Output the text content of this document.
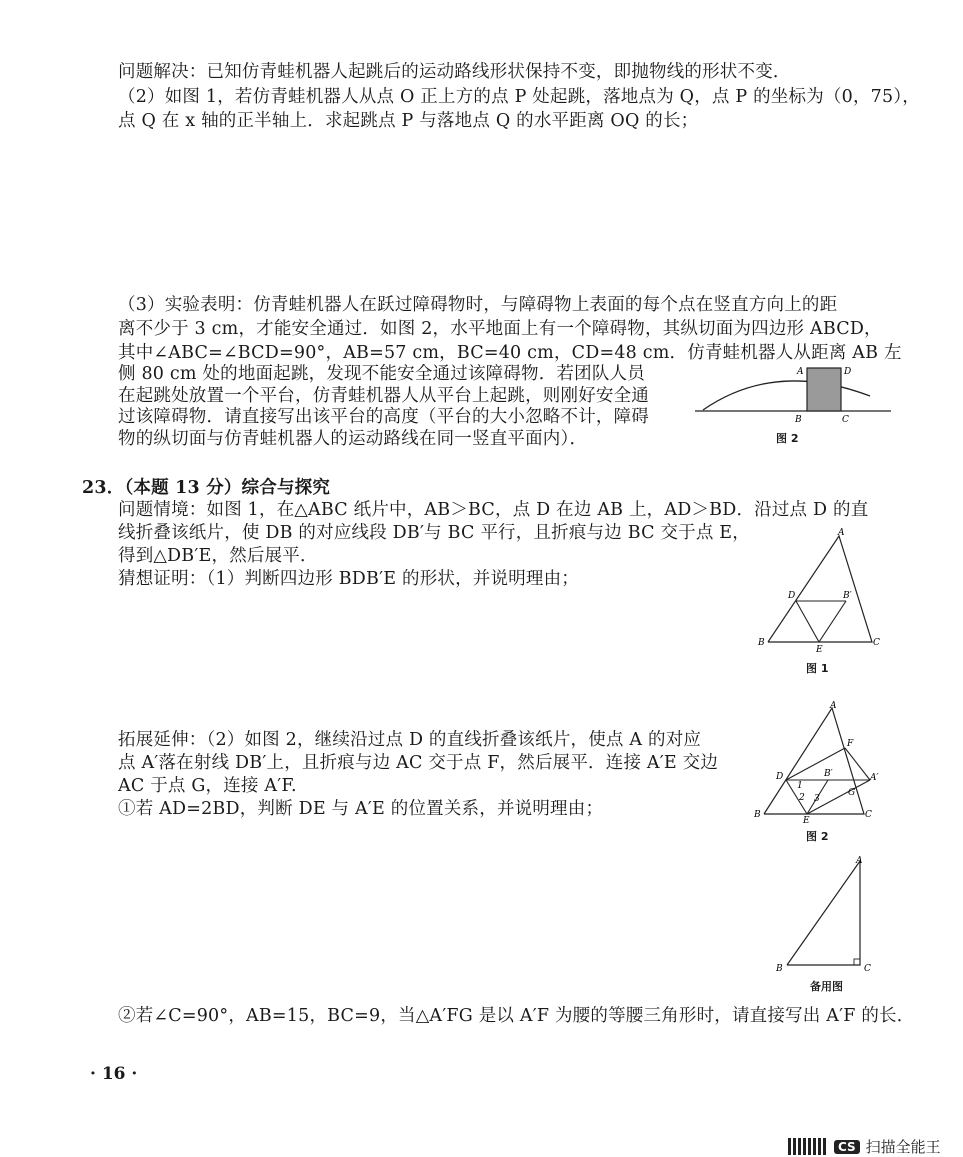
问题解决：已知仿青蛙机器人起跳后的运动路线形状保持不变，即抛物线的形状不变．
（2）如图 1，若仿青蛙机器人从点 O 正上方的点 P 处起跳，落地点为 Q，点 P 的坐标为（0，75），
点 Q 在 x 轴的正半轴上．求起跳点 P 与落地点 Q 的水平距离 OQ 的长；
（3）实验表明：仿青蛙机器人在跃过障碍物时，与障碍物上表面的每个点在竖直方向上的距
离不少于 3 cm，才能安全通过．如图 2，水平地面上有一个障碍物，其纵切面为四边形 ABCD，
其中∠ABC=∠BCD=90°，AB=57 cm，BC=40 cm，CD=48 cm．仿青蛙机器人从距离 AB 左
侧 80 cm 处的地面起跳，发现不能安全通过该障碍物．若团队人员
在起跳处放置一个平台，仿青蛙机器人从平台上起跳，则刚好安全通
过该障碍物．请直接写出该平台的高度（平台的大小忽略不计，障碍
物的纵切面与仿青蛙机器人的运动路线在同一竖直平面内）．
A	D
B	C
图 2
23．（本题 13 分）综合与探究
问题情境：如图 1，在△ABC 纸片中，AB＞BC，点 D 在边 AB 上，AD＞BD．沿过点 D 的直
线折叠该纸片，使 DB 的对应线段 DB′与 BC 平行，且折痕与边 BC 交于点 E，
得到△DB′E，然后展平．
猜想证明：（1）判断四边形 BDB′E 的形状，并说明理由；
A
D	B′
B
E
C
图 1
拓展延伸：（2）如图 2，继续沿过点 D 的直线折叠该纸片，使点 A 的对应
点 A′落在射线 DB′上，且折痕与边 AC 交于点 F，然后展平．连接 A′E 交边
AC 于点 G，连接 A′F.
①若 AD=2BD，判断 DE 与 A′E 的位置关系，并说明理由；
A
F
D	B′	A′
1
2 3
G
B
E
C
图 2
A
B	C
备用图
②若∠C=90°，AB=15，BC=9，当△A′FG 是以 A′F 为腰的等腰三角形时，请直接写出 A′F 的长．
· 16 ·
CS 扫描全能王
